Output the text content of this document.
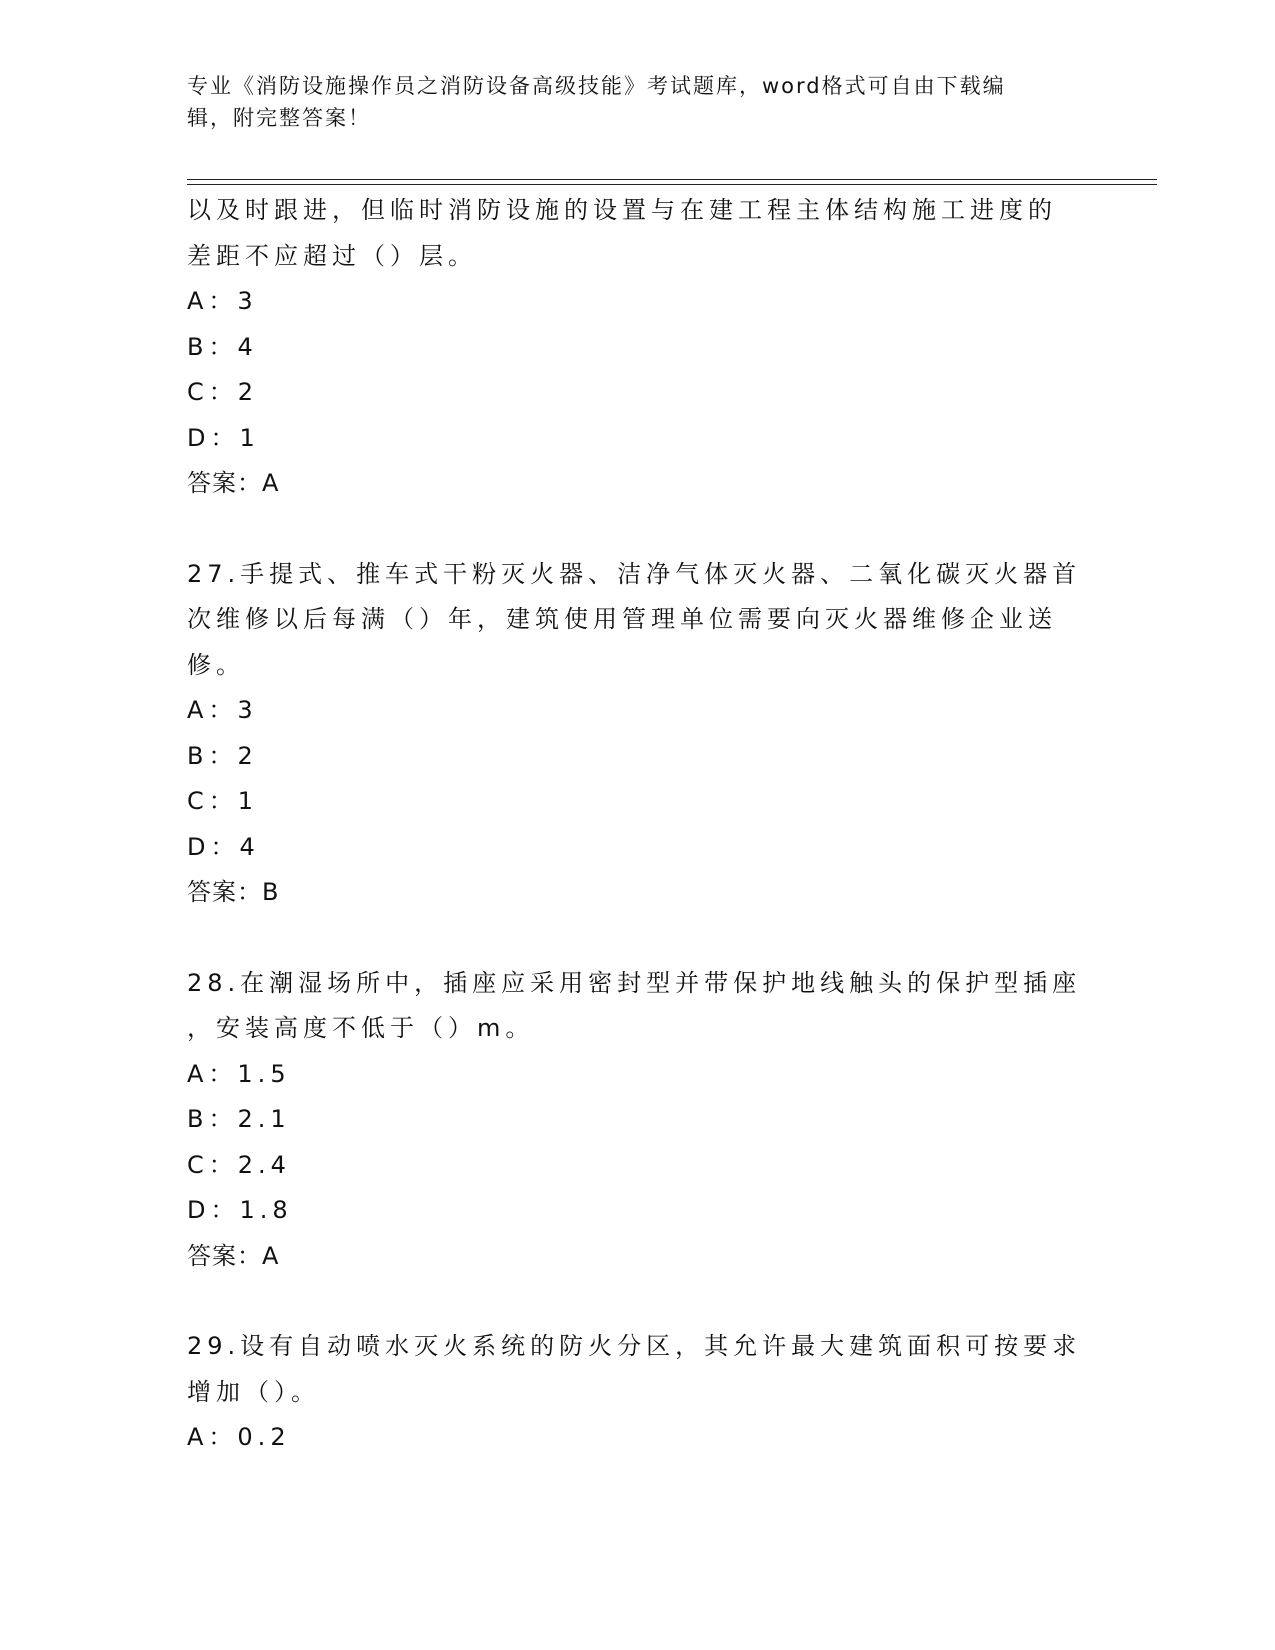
专业《消防设施操作员之消防设备高级技能》考试题库，word格式可自由下载编
辑，附完整答案！

以及时跟进，但临时消防设施的设置与在建工程主体结构施工进度的

差距不应超过（）层。

A：3

B：4

C：2

D：1

答案：A

27.手提式、推车式干粉灭火器、洁净气体灭火器、二氧化碳灭火器首

次维修以后每满（）年，建筑使用管理单位需要向灭火器维修企业送

修。

A：3

B：2

C：1

D：4

答案：B

28.在潮湿场所中，插座应采用密封型并带保护地线触头的保护型插座

，安装高度不低于（）m。

A：1.5

B：2.1

C：2.4

D：1.8

答案：A

29.设有自动喷水灭火系统的防火分区，其允许最大建筑面积可按要求

增加（）。

A：0.2
